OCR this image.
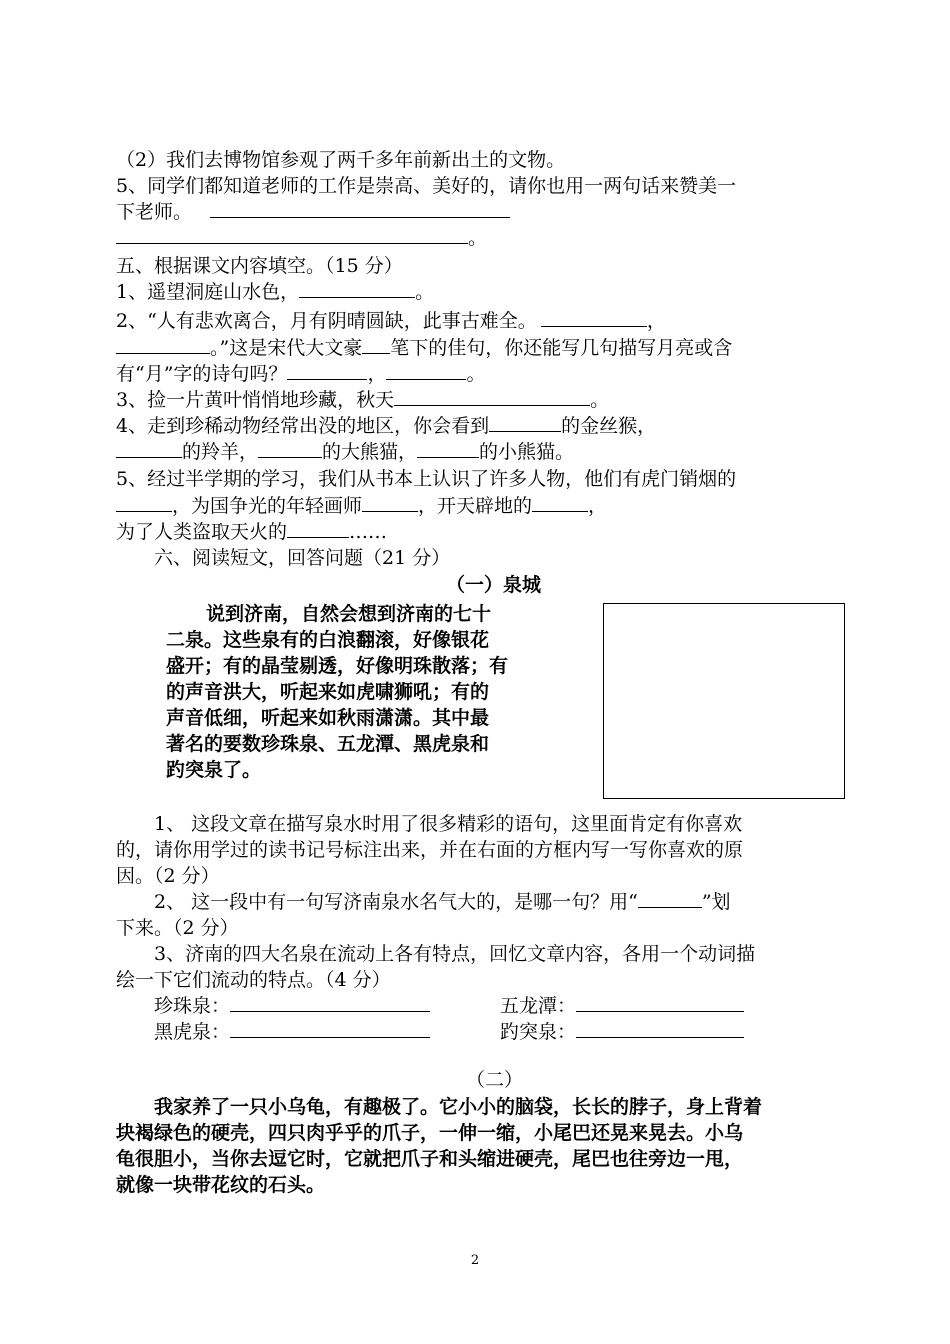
（2）我们去博物馆参观了两千多年前新出土的文物。
5、同学们都知道老师的工作是崇高、美好的，请你也用一两句话来赞美一
下老师。
。
五、根据课文内容填空。（15 分）
1、遥望洞庭山水色，	。
2、“人有悲欢离合，月有阴晴圆缺，此事古难全。	，
。”这是宋代大文豪 笔下的佳句，你还能写几句描写月亮或含
有“月”字的诗句吗？	，	。
3、捡一片黄叶悄悄地珍藏，秋天	。
4、走到珍稀动物经常出没的地区，你会看到	的金丝猴，
的羚羊，	的大熊猫，	的小熊猫。
5、经过半学期的学习，我们从书本上认识了许多人物，他们有虎门销烟的
，为国争光的年轻画师	，开天辟地的	，
为了人类盗取天火的	……
六、阅读短文，回答问题（21 分）
（一）泉城
说到济南，自然会想到济南的七十
二泉。这些泉有的白浪翻滚，好像银花
盛开；有的晶莹剔透，好像明珠散落；有
的声音洪大，听起来如虎啸狮吼；有的
声音低细，听起来如秋雨潇潇。其中最
著名的要数珍珠泉、五龙潭、黑虎泉和
趵突泉了。
1、 这段文章在描写泉水时用了很多精彩的语句，这里面肯定有你喜欢
的，请你用学过的读书记号标注出来，并在右面的方框内写一写你喜欢的原
因。（2 分）
2、 这一段中有一句写济南泉水名气大的，是哪一句？用“	”划
下来。（2 分）
3、济南的四大名泉在流动上各有特点，回忆文章内容，各用一个动词描
绘一下它们流动的特点。（4 分）
珍珠泉：	五龙潭：
黑虎泉：	趵突泉：
（二）
我家养了一只小乌龟，有趣极了。它小小的脑袋，长长的脖子，身上背着
块褐绿色的硬壳，四只肉乎乎的爪子，一伸一缩，小尾巴还晃来晃去。小乌
龟很胆小，当你去逗它时，它就把爪子和头缩进硬壳，尾巴也往旁边一甩，
就像一块带花纹的石头。
2
